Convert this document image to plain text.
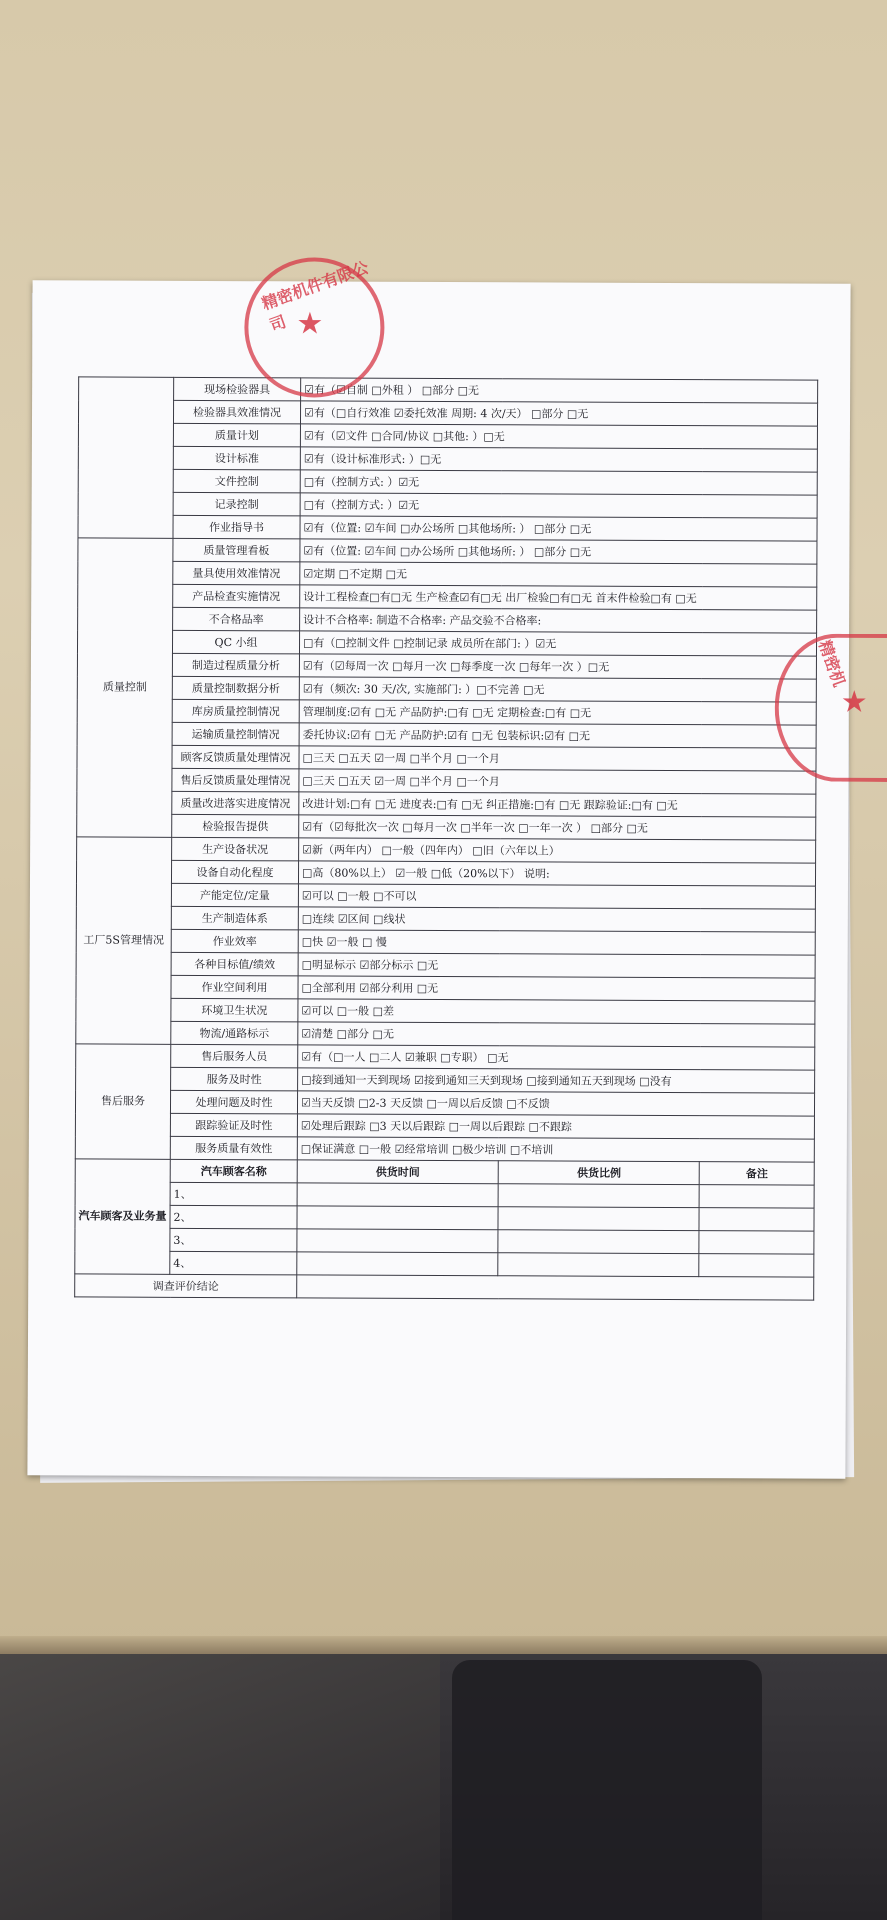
	现场检验器具	☑有（☑自制 □外租 ） □部分 □无		
	检验器具效准情况	☑有（□自行效准 ☑委托效准 周期: 4 次/天） □部分 □无		
	质量计划	☑有（☑文件 □合同/协议 □其他: ）□无		
	设计标准	☑有（设计标准形式: ）□无		
	文件控制	□有（控制方式: ）☑无		
	记录控制	□有（控制方式: ）☑无		
	作业指导书	☑有（位置: ☑车间 □办公场所 □其他场所: ） □部分 □无		
质量控制	质量管理看板	☑有（位置: ☑车间 □办公场所 □其他场所: ） □部分 □无		
	量具使用效准情况	☑定期 □不定期 □无		
	产品检查实施情况	设计工程检查□有□无 生产检查☑有□无 出厂检验□有□无 首末件检验□有 □无		
	不合格品率	设计不合格率: 制造不合格率: 产品交验不合格率:		
	QC 小组	□有（□控制文件 □控制记录 成员所在部门: ）☑无		
	制造过程质量分析	☑有（☑每周一次 □每月一次 □每季度一次 □每年一次 ）□无		
	质量控制数据分析	☑有（频次: 30 天/次, 实施部门: ）□不完善 □无		
	库房质量控制情况	管理制度:☑有 □无 产品防护:□有 □无 定期检查:□有 □无		
	运输质量控制情况	委托协议:☑有 □无 产品防护:☑有 □无 包装标识:☑有 □无		
	顾客反馈质量处理情况	□三天 □五天 ☑一周 □半个月 □一个月		
	售后反馈质量处理情况	□三天 □五天 ☑一周 □半个月 □一个月		
	质量改进落实进度情况	改进计划:□有 □无 进度表:□有 □无 纠正措施:□有 □无 跟踪验证:□有 □无		
	检验报告提供	☑有（☑每批次一次 □每月一次 □半年一次 □一年一次 ） □部分 □无		
工厂5S管理情况	生产设备状况	☑新（两年内） □一般（四年内） □旧（六年以上）		
	设备自动化程度	□高（80%以上） ☑一般 □低（20%以下） 说明:		
	产能定位/定量	☑可以 □一般 □不可以		
	生产制造体系	□连续 ☑区间 □线状		
	作业效率	□快 ☑一般 □ 慢		
	各种目标值/绩效	□明显标示 ☑部分标示 □无		
	作业空间利用	□全部利用 ☑部分利用 □无		
	环境卫生状况	☑可以 □一般 □差		
	物流/通路标示	☑清楚 □部分 □无		
售后服务	售后服务人员	☑有（□一人 □二人 ☑兼职 □专职） □无		
	服务及时性	□接到通知一天到现场 ☑接到通知三天到现场 □接到通知五天到现场 □没有		
	处理问题及时性	☑当天反馈 □2-3 天反馈 □一周以后反馈 □不反馈		
	跟踪验证及时性	☑处理后跟踪 □3 天以后跟踪 □一周以后跟踪 □不跟踪		
	服务质量有效性	□保证满意 □一般 ☑经常培训 □极少培训 □不培训		
汽车顾客及业务量	汽车顾客名称	供货时间	供货比例	备注
	1、			
	2、			
	3、			
	4、			
调查评价结论				
精密机件有限公司 ★
精密机
★
